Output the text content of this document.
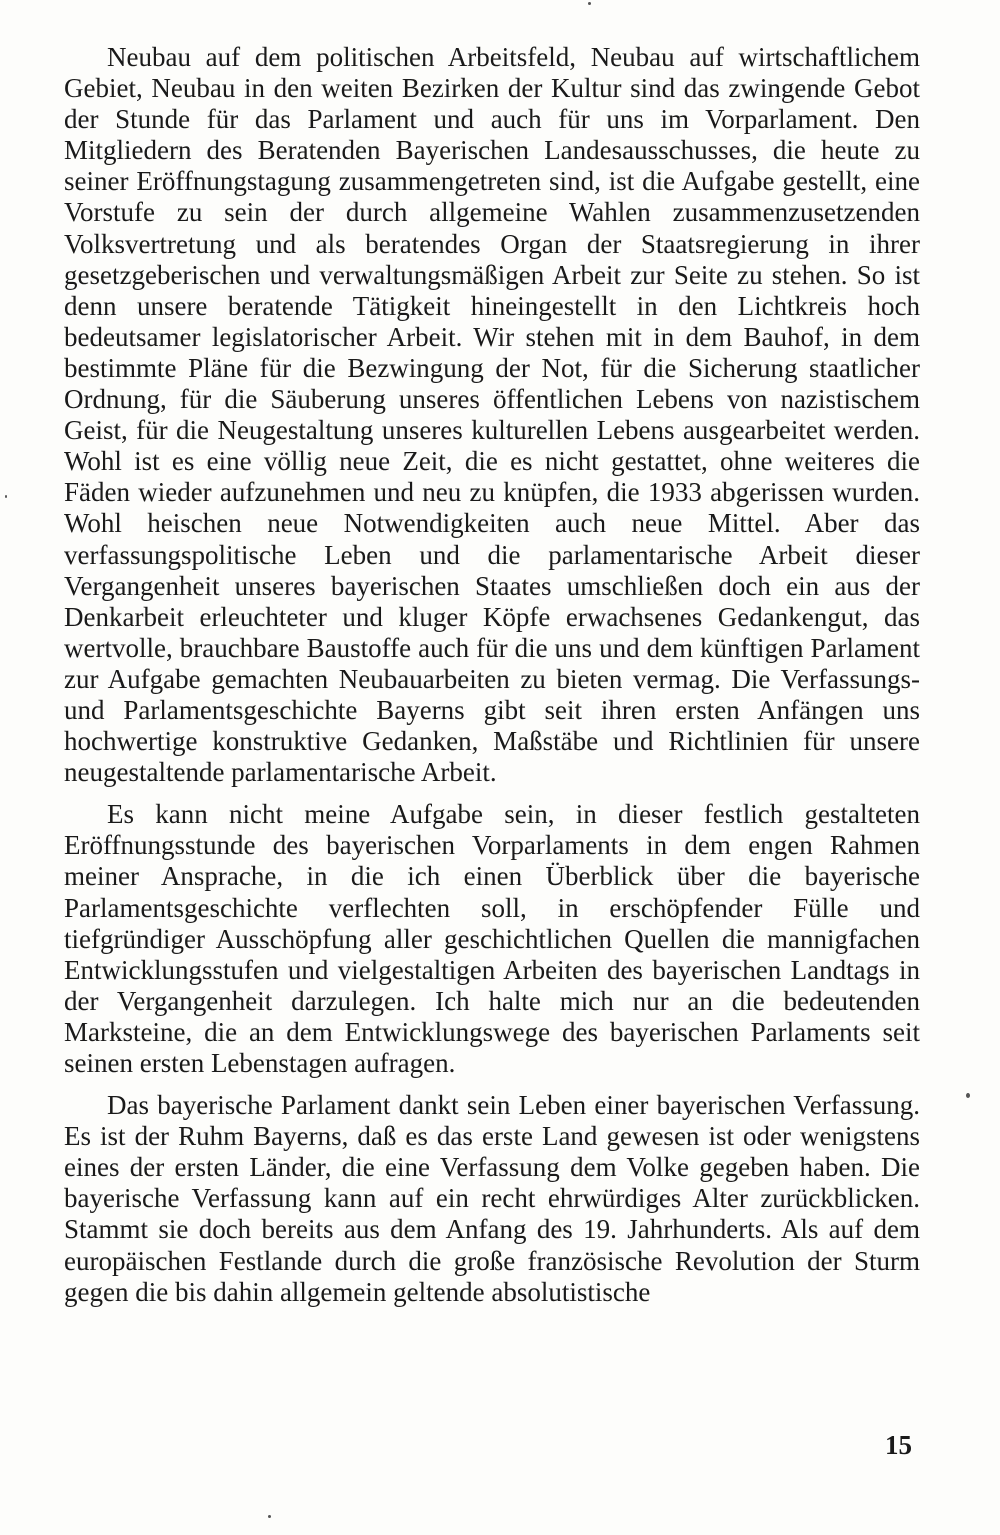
Neubau auf dem politischen Arbeitsfeld, Neubau auf wirtschaftlichem Gebiet, Neubau in den weiten Bezirken der Kultur sind das zwingende Gebot der Stunde für das Parlament und auch für uns im Vorparlament. Den Mitgliedern des Beratenden Bayerischen Landesausschusses, die heute zu seiner Eröffnungstagung zusammengetreten sind, ist die Aufgabe gestellt, eine Vorstufe zu sein der durch allgemeine Wahlen zusammenzusetzenden Volksvertretung und als beratendes Organ der Staatsregierung in ihrer gesetzgeberischen und verwaltungsmäßigen Arbeit zur Seite zu stehen. So ist denn unsere beratende Tätigkeit hineingestellt in den Lichtkreis hoch bedeutsamer legislatorischer Arbeit. Wir stehen mit in dem Bauhof, in dem bestimmte Pläne für die Bezwingung der Not, für die Sicherung staatlicher Ordnung, für die Säuberung unseres öffentlichen Lebens von nazistischem Geist, für die Neugestaltung unseres kulturellen Lebens ausgearbeitet werden. Wohl ist es eine völlig neue Zeit, die es nicht gestattet, ohne weiteres die Fäden wieder aufzunehmen und neu zu knüpfen, die 1933 abgerissen wurden. Wohl heischen neue Notwendigkeiten auch neue Mittel. Aber das verfassungspolitische Leben und die parlamentarische Arbeit dieser Vergangenheit unseres bayerischen Staates umschließen doch ein aus der Denkarbeit erleuchteter und kluger Köpfe erwachsenes Gedankengut, das wertvolle, brauchbare Baustoffe auch für die uns und dem künftigen Parlament zur Aufgabe gemachten Neubauarbeiten zu bieten vermag. Die Verfassungs- und Parlamentsgeschichte Bayerns gibt seit ihren ersten Anfängen uns hochwertige konstruktive Gedanken, Maßstäbe und Richtlinien für unsere neugestaltende parlamentarische Arbeit.

Es kann nicht meine Aufgabe sein, in dieser festlich gestalteten Eröffnungsstunde des bayerischen Vorparlaments in dem engen Rahmen meiner Ansprache, in die ich einen Überblick über die bayerische Parlamentsgeschichte verflechten soll, in erschöpfender Fülle und tiefgründiger Ausschöpfung aller geschichtlichen Quellen die mannigfachen Entwicklungsstufen und vielgestaltigen Arbeiten des bayerischen Landtags in der Vergangenheit darzulegen. Ich halte mich nur an die bedeutenden Marksteine, die an dem Entwicklungswege des bayerischen Parlaments seit seinen ersten Lebenstagen aufragen.

Das bayerische Parlament dankt sein Leben einer bayerischen Verfassung. Es ist der Ruhm Bayerns, daß es das erste Land gewesen ist oder wenigstens eines der ersten Länder, die eine Verfassung dem Volke gegeben haben. Die bayerische Verfassung kann auf ein recht ehrwürdiges Alter zurückblicken. Stammt sie doch bereits aus dem Anfang des 19. Jahrhunderts. Als auf dem europäischen Festlande durch die große französische Revolution der Sturm gegen die bis dahin allgemein geltende absolutistische

15
